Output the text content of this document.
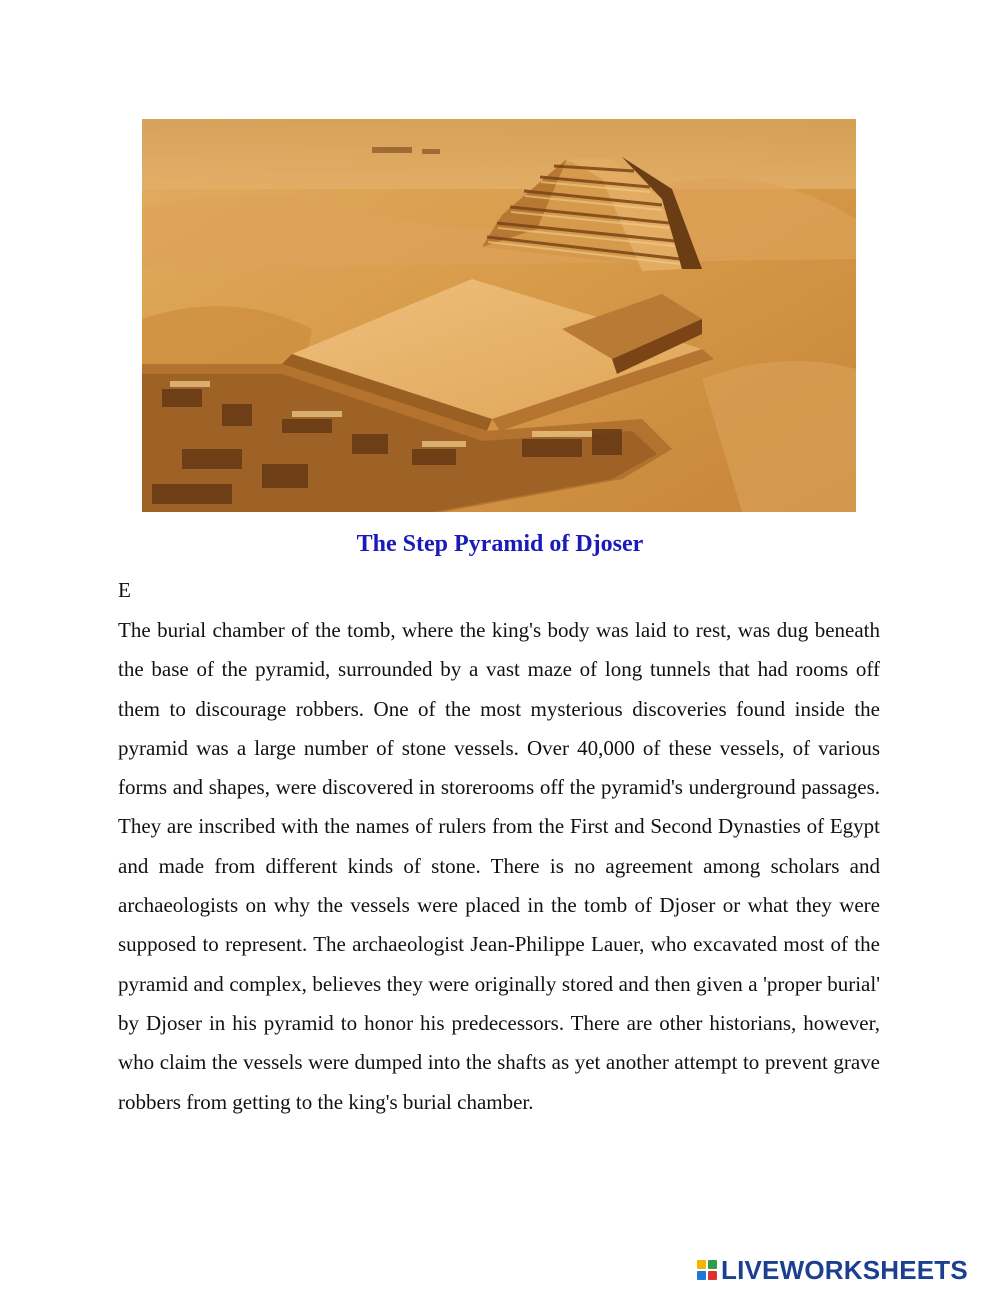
The Step Pyramid of Djoser
E

The burial chamber of the tomb, where the king's body was laid to rest, was dug beneath the base of the pyramid, surrounded by a vast maze of long tunnels that had rooms off them to discourage robbers. One of the most mysterious discoveries found inside the pyramid was a large number of stone vessels. Over 40,000 of these vessels, of various forms and shapes, were discovered in storerooms off the pyramid's underground passages. They are inscribed with the names of rulers from the First and Second Dynasties of Egypt and made from different kinds of stone. There is no agreement among scholars and archaeologists on why the vessels were placed in the tomb of Djoser or what they were supposed to represent. The archaeologist Jean-Philippe Lauer, who excavated most of the pyramid and complex, believes they were originally stored and then given a 'proper burial' by Djoser in his pyramid to honor his predecessors. There are other historians, however, who claim the vessels were dumped into the shafts as yet another attempt to prevent grave robbers from getting to the king's burial chamber.

LIVEWORKSHEETS
